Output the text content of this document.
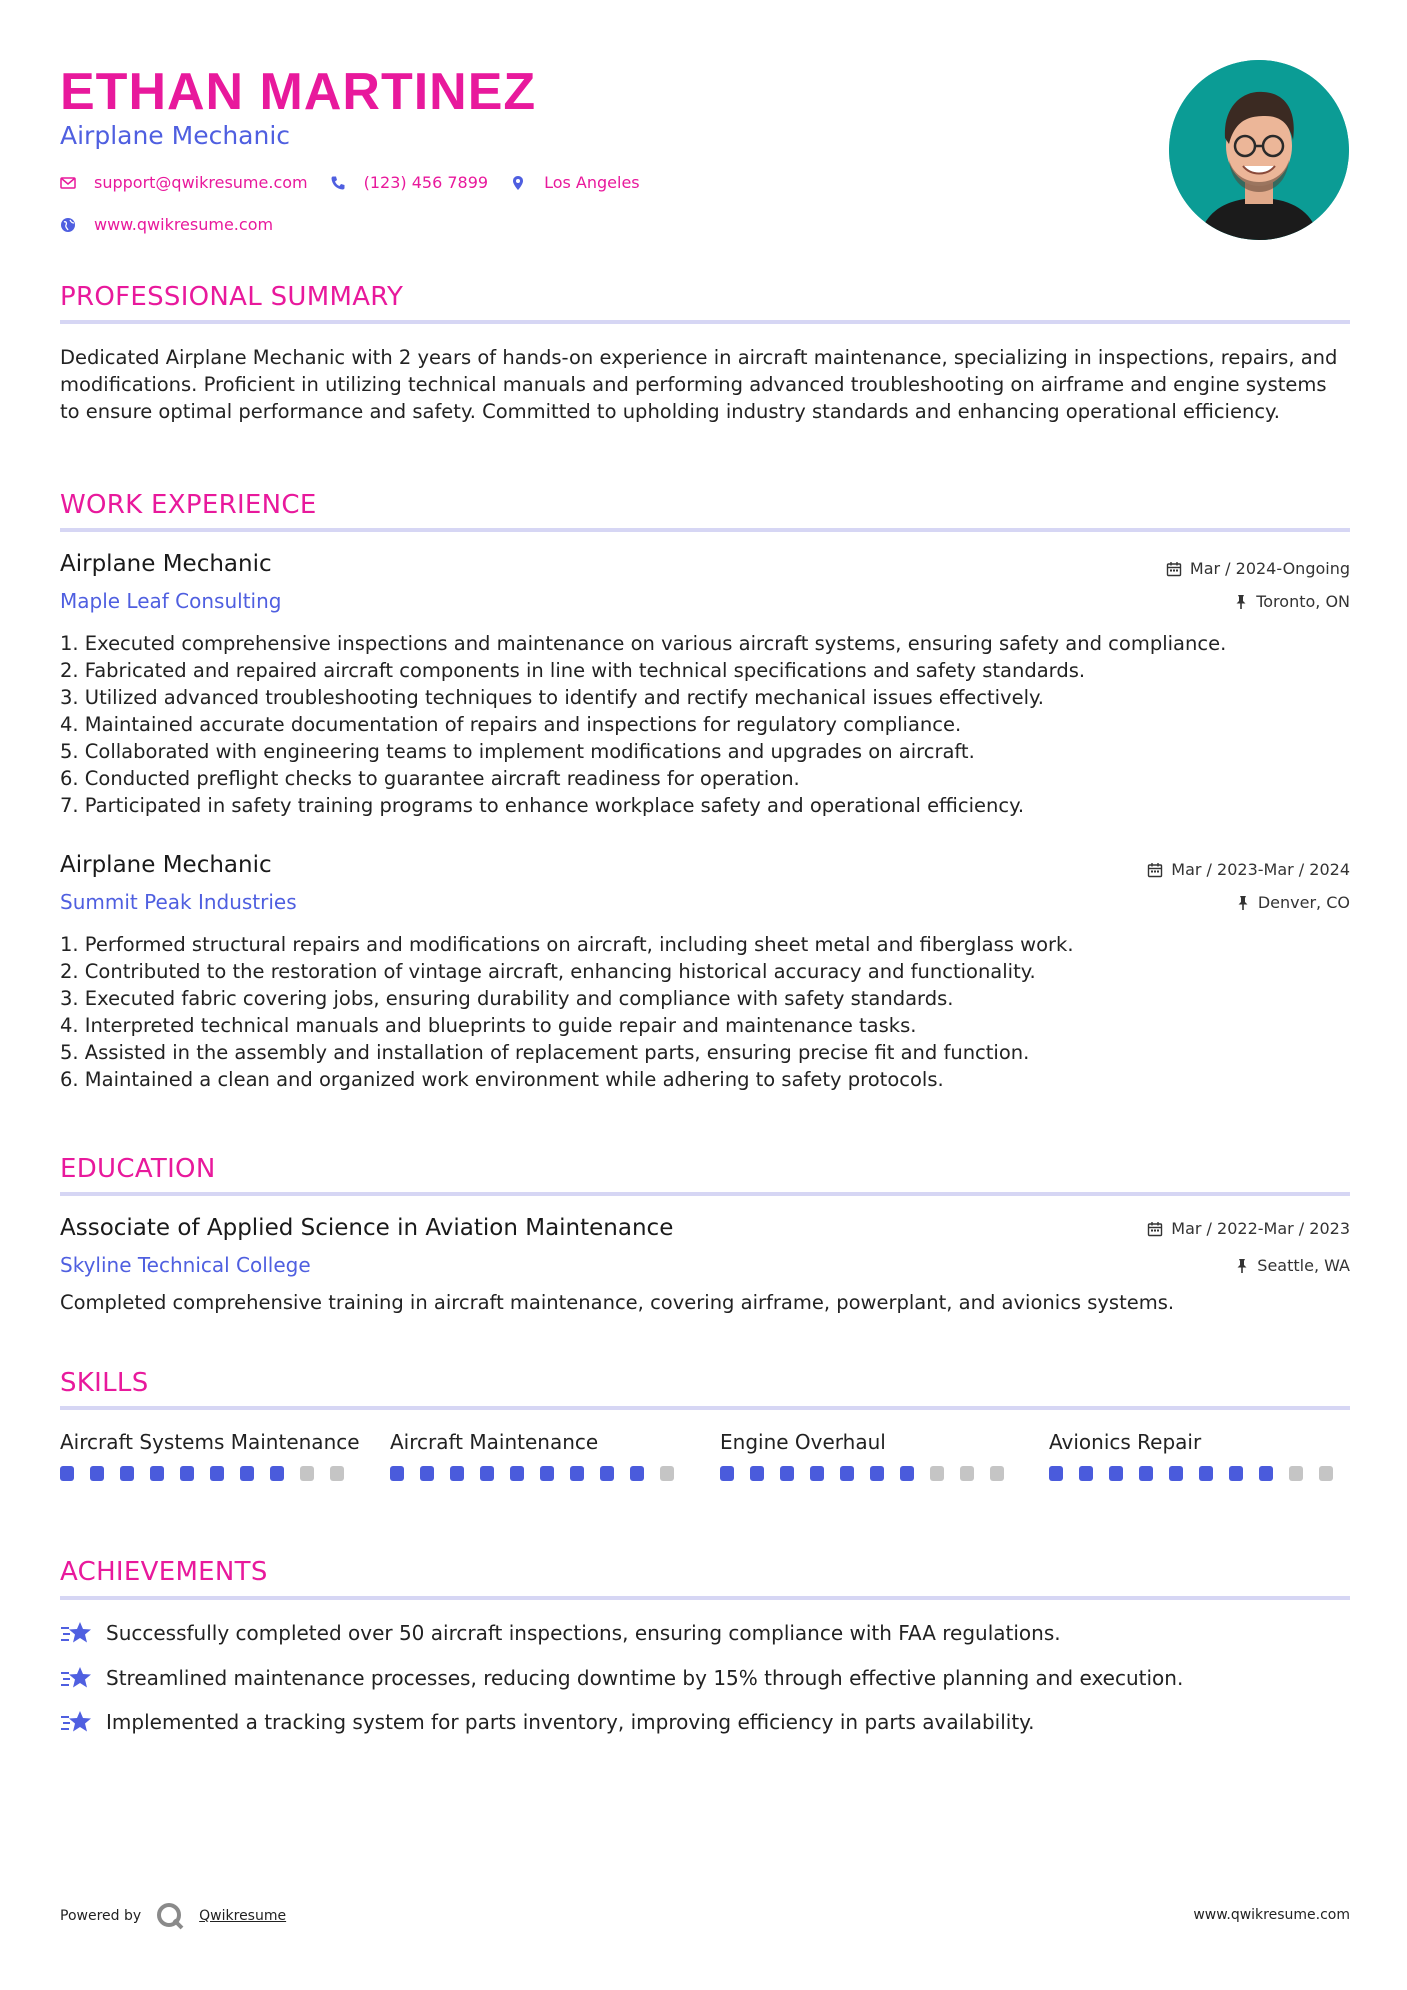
ETHAN MARTINEZ
Airplane Mechanic
support@qwikresume.com	(123) 456 7899	Los Angeles
www.qwikresume.com
PROFESSIONAL SUMMARY
Dedicated Airplane Mechanic with 2 years of hands-on experience in aircraft maintenance, specializing in inspections, repairs, and modifications. Proficient in utilizing technical manuals and performing advanced troubleshooting on airframe and engine systems to ensure optimal performance and safety. Committed to upholding industry standards and enhancing operational efficiency.
WORK EXPERIENCE
Airplane Mechanic	Mar / 2024-Ongoing
Maple Leaf Consulting	Toronto, ON
1. Executed comprehensive inspections and maintenance on various aircraft systems, ensuring safety and compliance.
2. Fabricated and repaired aircraft components in line with technical specifications and safety standards.
3. Utilized advanced troubleshooting techniques to identify and rectify mechanical issues effectively.
4. Maintained accurate documentation of repairs and inspections for regulatory compliance.
5. Collaborated with engineering teams to implement modifications and upgrades on aircraft.
6. Conducted preflight checks to guarantee aircraft readiness for operation.
7. Participated in safety training programs to enhance workplace safety and operational efficiency.
Airplane Mechanic	Mar / 2023-Mar / 2024
Summit Peak Industries	Denver, CO
1. Performed structural repairs and modifications on aircraft, including sheet metal and fiberglass work.
2. Contributed to the restoration of vintage aircraft, enhancing historical accuracy and functionality.
3. Executed fabric covering jobs, ensuring durability and compliance with safety standards.
4. Interpreted technical manuals and blueprints to guide repair and maintenance tasks.
5. Assisted in the assembly and installation of replacement parts, ensuring precise fit and function.
6. Maintained a clean and organized work environment while adhering to safety protocols.
EDUCATION
Associate of Applied Science in Aviation Maintenance	Mar / 2022-Mar / 2023
Skyline Technical College	Seattle, WA
Completed comprehensive training in aircraft maintenance, covering airframe, powerplant, and avionics systems.
SKILLS
Aircraft Systems Maintenance Aircraft Maintenance	Engine Overhaul	Avionics Repair
ACHIEVEMENTS
Successfully completed over 50 aircraft inspections, ensuring compliance with FAA regulations.
Streamlined maintenance processes, reducing downtime by 15% through effective planning and execution.
Implemented a tracking system for parts inventory, improving efficiency in parts availability.
Powered by	Qwikresume	www.qwikresume.com
